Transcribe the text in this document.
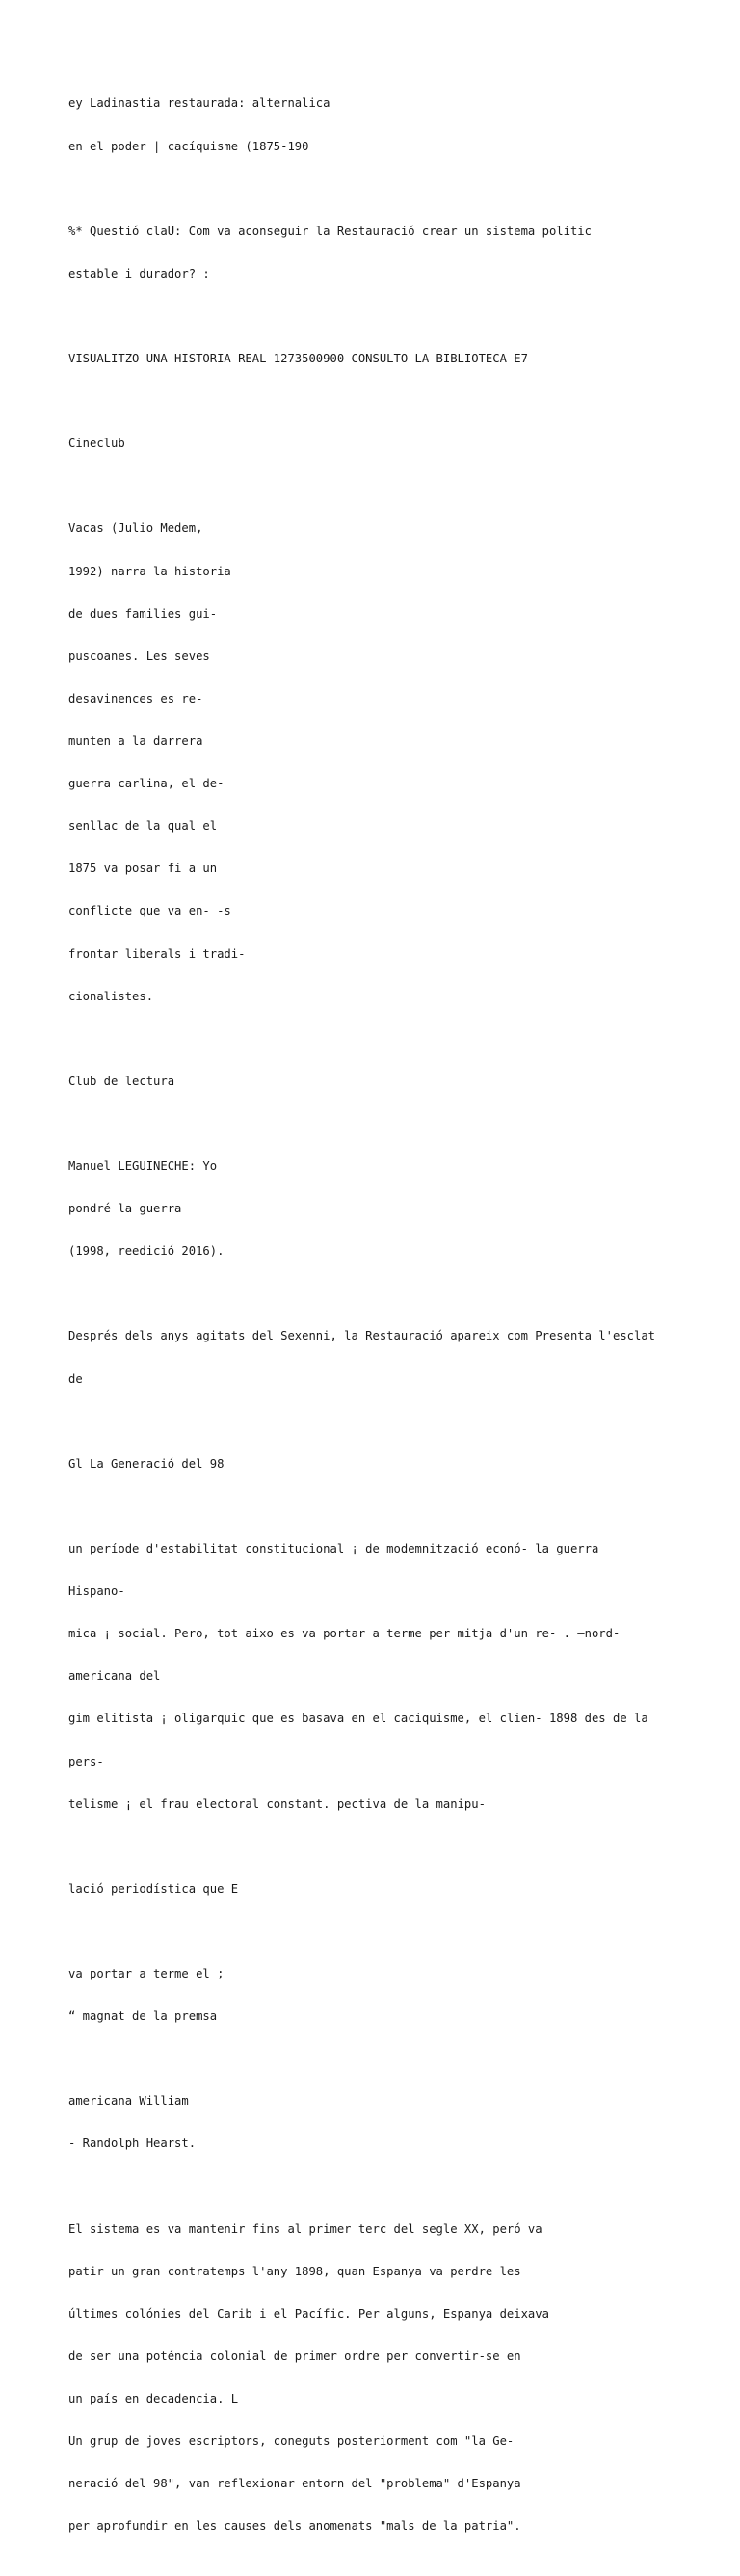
ey Ladinastia restaurada: alternalica

en el poder | cacíquisme (1875-190

%* Questió claU: Com va aconseguir la Restauració crear un sistema polític

estable i durador? :

VISUALITZO UNA HISTORIA REAL 1273500900 CONSULTO LA BIBLIOTECA E7

Cineclub

Vacas (Julio Medem,

1992) narra la historia

de dues families gui-

puscoanes. Les seves

desavinences es re-

munten a la darrera

guerra carlina, el de-

senllac de la qual el

1875 va posar fi a un

conflicte que va en- -s

frontar liberals i tradi-

cionalistes.

Club de lectura

Manuel LEGUINECHE: Yo

pondré la guerra

(1998, reedició 2016).

Després dels anys agitats del Sexenni, la Restauració apareix com Presenta l'esclat

de

Gl La Generació del 98

un període d'estabilitat constitucional ¡ de modemnització econó- la guerra

Hispano-

mica ¡ social. Pero, tot aixo es va portar a terme per mitja d'un re- . —nord-

americana del

gim elitista ¡ oligarquic que es basava en el caciquisme, el clien- 1898 des de la

pers-

telisme ¡ el frau electoral constant. pectiva de la manipu-

lació periodística que E

va portar a terme el ;

“ magnat de la premsa

americana William

- Randolph Hearst.

El sistema es va mantenir fins al primer terc del segle XX, peró va

patir un gran contratemps l'any 1898, quan Espanya va perdre les

últimes colónies del Carib i el Pacífic. Per alguns, Espanya deixava

de ser una poténcia colonial de primer ordre per convertir-se en

un país en decadencia. L

Un grup de joves escriptors, coneguts posteriorment com "la Ge-

neració del 98", van reflexionar entorn del "problema" d'Espanya

per aprofundir en les causes dels anomenats "mals de la patria".
